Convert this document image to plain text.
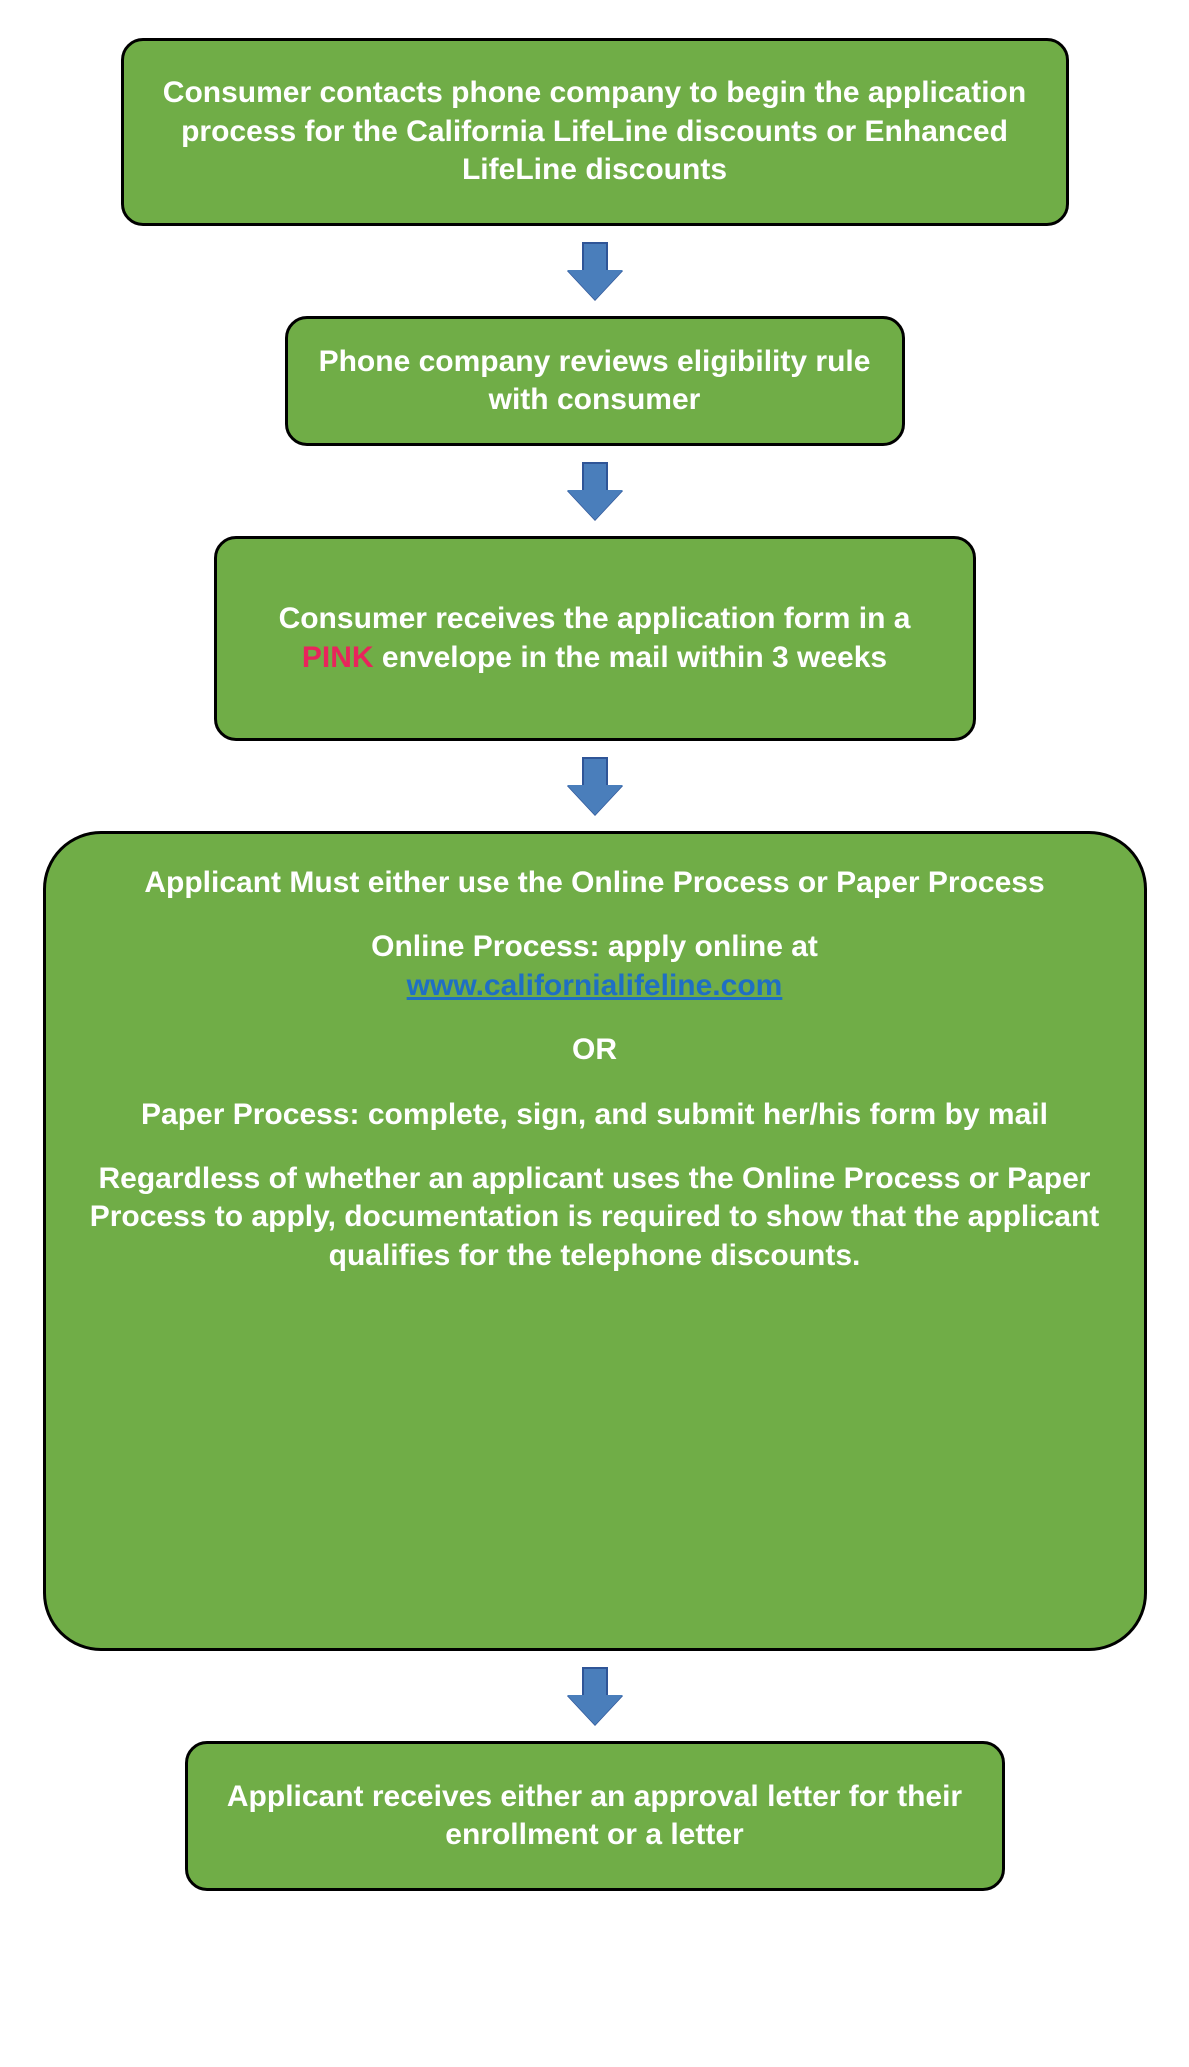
Consumer contacts phone company to begin the application process for the California LifeLine discounts or Enhanced LifeLine discounts

Phone company reviews eligibility rule with consumer

Consumer receives the application form in a PINK envelope in the mail within 3 weeks

Applicant Must either use the Online Process or Paper Process

Online Process: apply online at
www.californialifeline.com

OR

Paper Process: complete, sign, and submit her/his form by mail

Regardless of whether an applicant uses the Online Process or Paper Process to apply, documentation is required to show that the applicant qualifies for the telephone discounts.

Applicant receives either an approval letter for their enrollment or a letter
